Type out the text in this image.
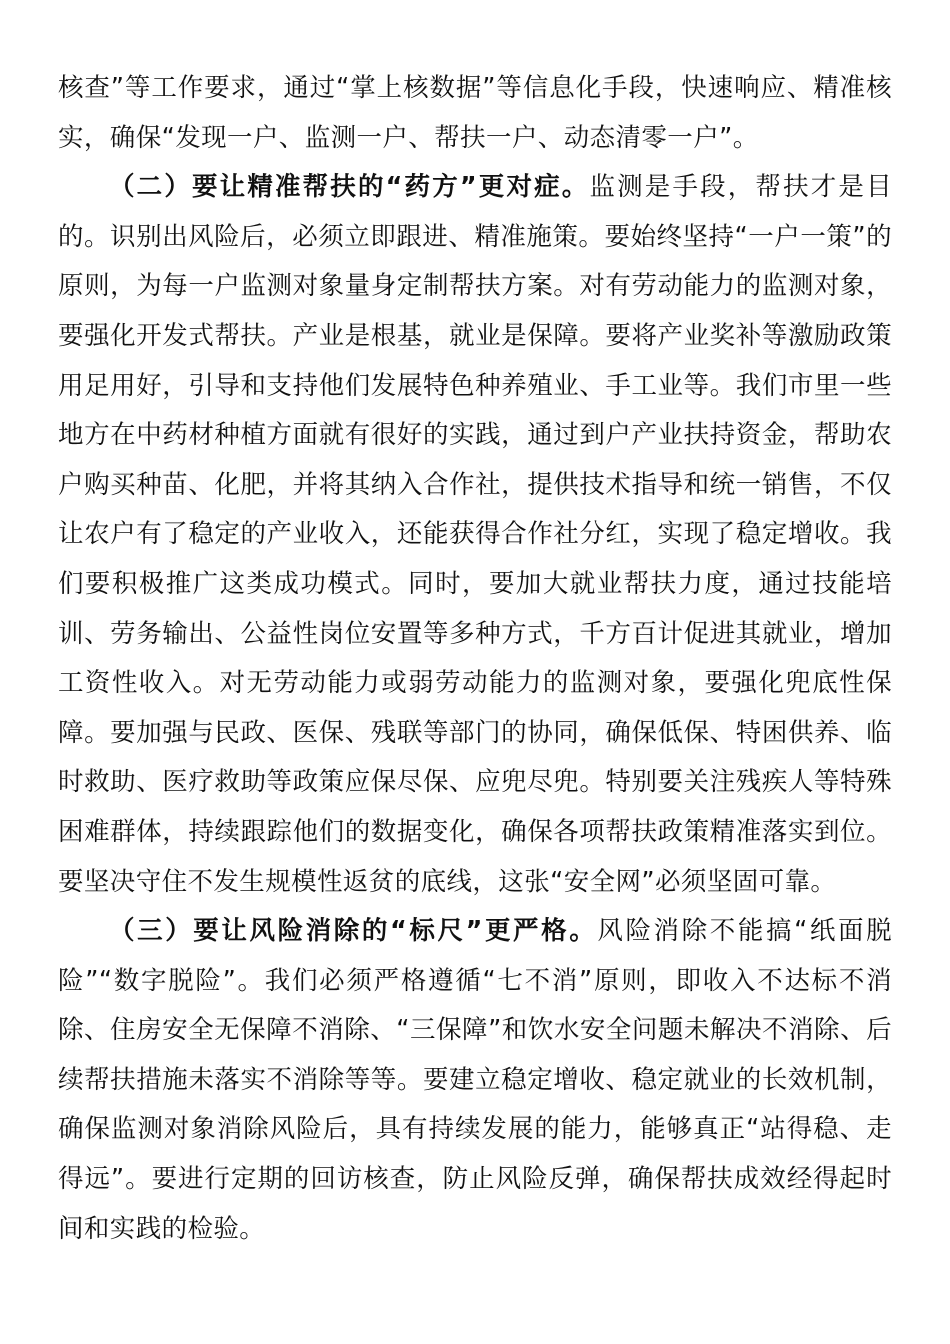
核查”等工作要求，通过“掌上核数据”等信息化手段，快速响应、精准核实，确保“发现一户、监测一户、帮扶一户、动态清零一户”。

（二）要让精准帮扶的“药方”更对症。监测是手段，帮扶才是目的。识别出风险后，必须立即跟进、精准施策。要始终坚持“一户一策”的原则，为每一户监测对象量身定制帮扶方案。对有劳动能力的监测对象，要强化开发式帮扶。产业是根基，就业是保障。要将产业奖补等激励政策用足用好，引导和支持他们发展特色种养殖业、手工业等。我们市里一些地方在中药材种植方面就有很好的实践，通过到户产业扶持资金，帮助农户购买种苗、化肥，并将其纳入合作社，提供技术指导和统一销售，不仅让农户有了稳定的产业收入，还能获得合作社分红，实现了稳定增收。我们要积极推广这类成功模式。同时，要加大就业帮扶力度，通过技能培训、劳务输出、公益性岗位安置等多种方式，千方百计促进其就业，增加工资性收入。对无劳动能力或弱劳动能力的监测对象，要强化兜底性保障。要加强与民政、医保、残联等部门的协同，确保低保、特困供养、临时救助、医疗救助等政策应保尽保、应兜尽兜。特别要关注残疾人等特殊困难群体，持续跟踪他们的数据变化，确保各项帮扶政策精准落实到位。要坚决守住不发生规模性返贫的底线，这张“安全网”必须坚固可靠。

（三）要让风险消除的“标尺”更严格。风险消除不能搞“纸面脱险”“数字脱险”。我们必须严格遵循“七不消”原则，即收入不达标不消除、住房安全无保障不消除、“三保障”和饮水安全问题未解决不消除、后续帮扶措施未落实不消除等等。要建立稳定增收、稳定就业的长效机制，确保监测对象消除风险后，具有持续发展的能力，能够真正“站得稳、走得远”。要进行定期的回访核查，防止风险反弹，确保帮扶成效经得起时间和实践的检验。
